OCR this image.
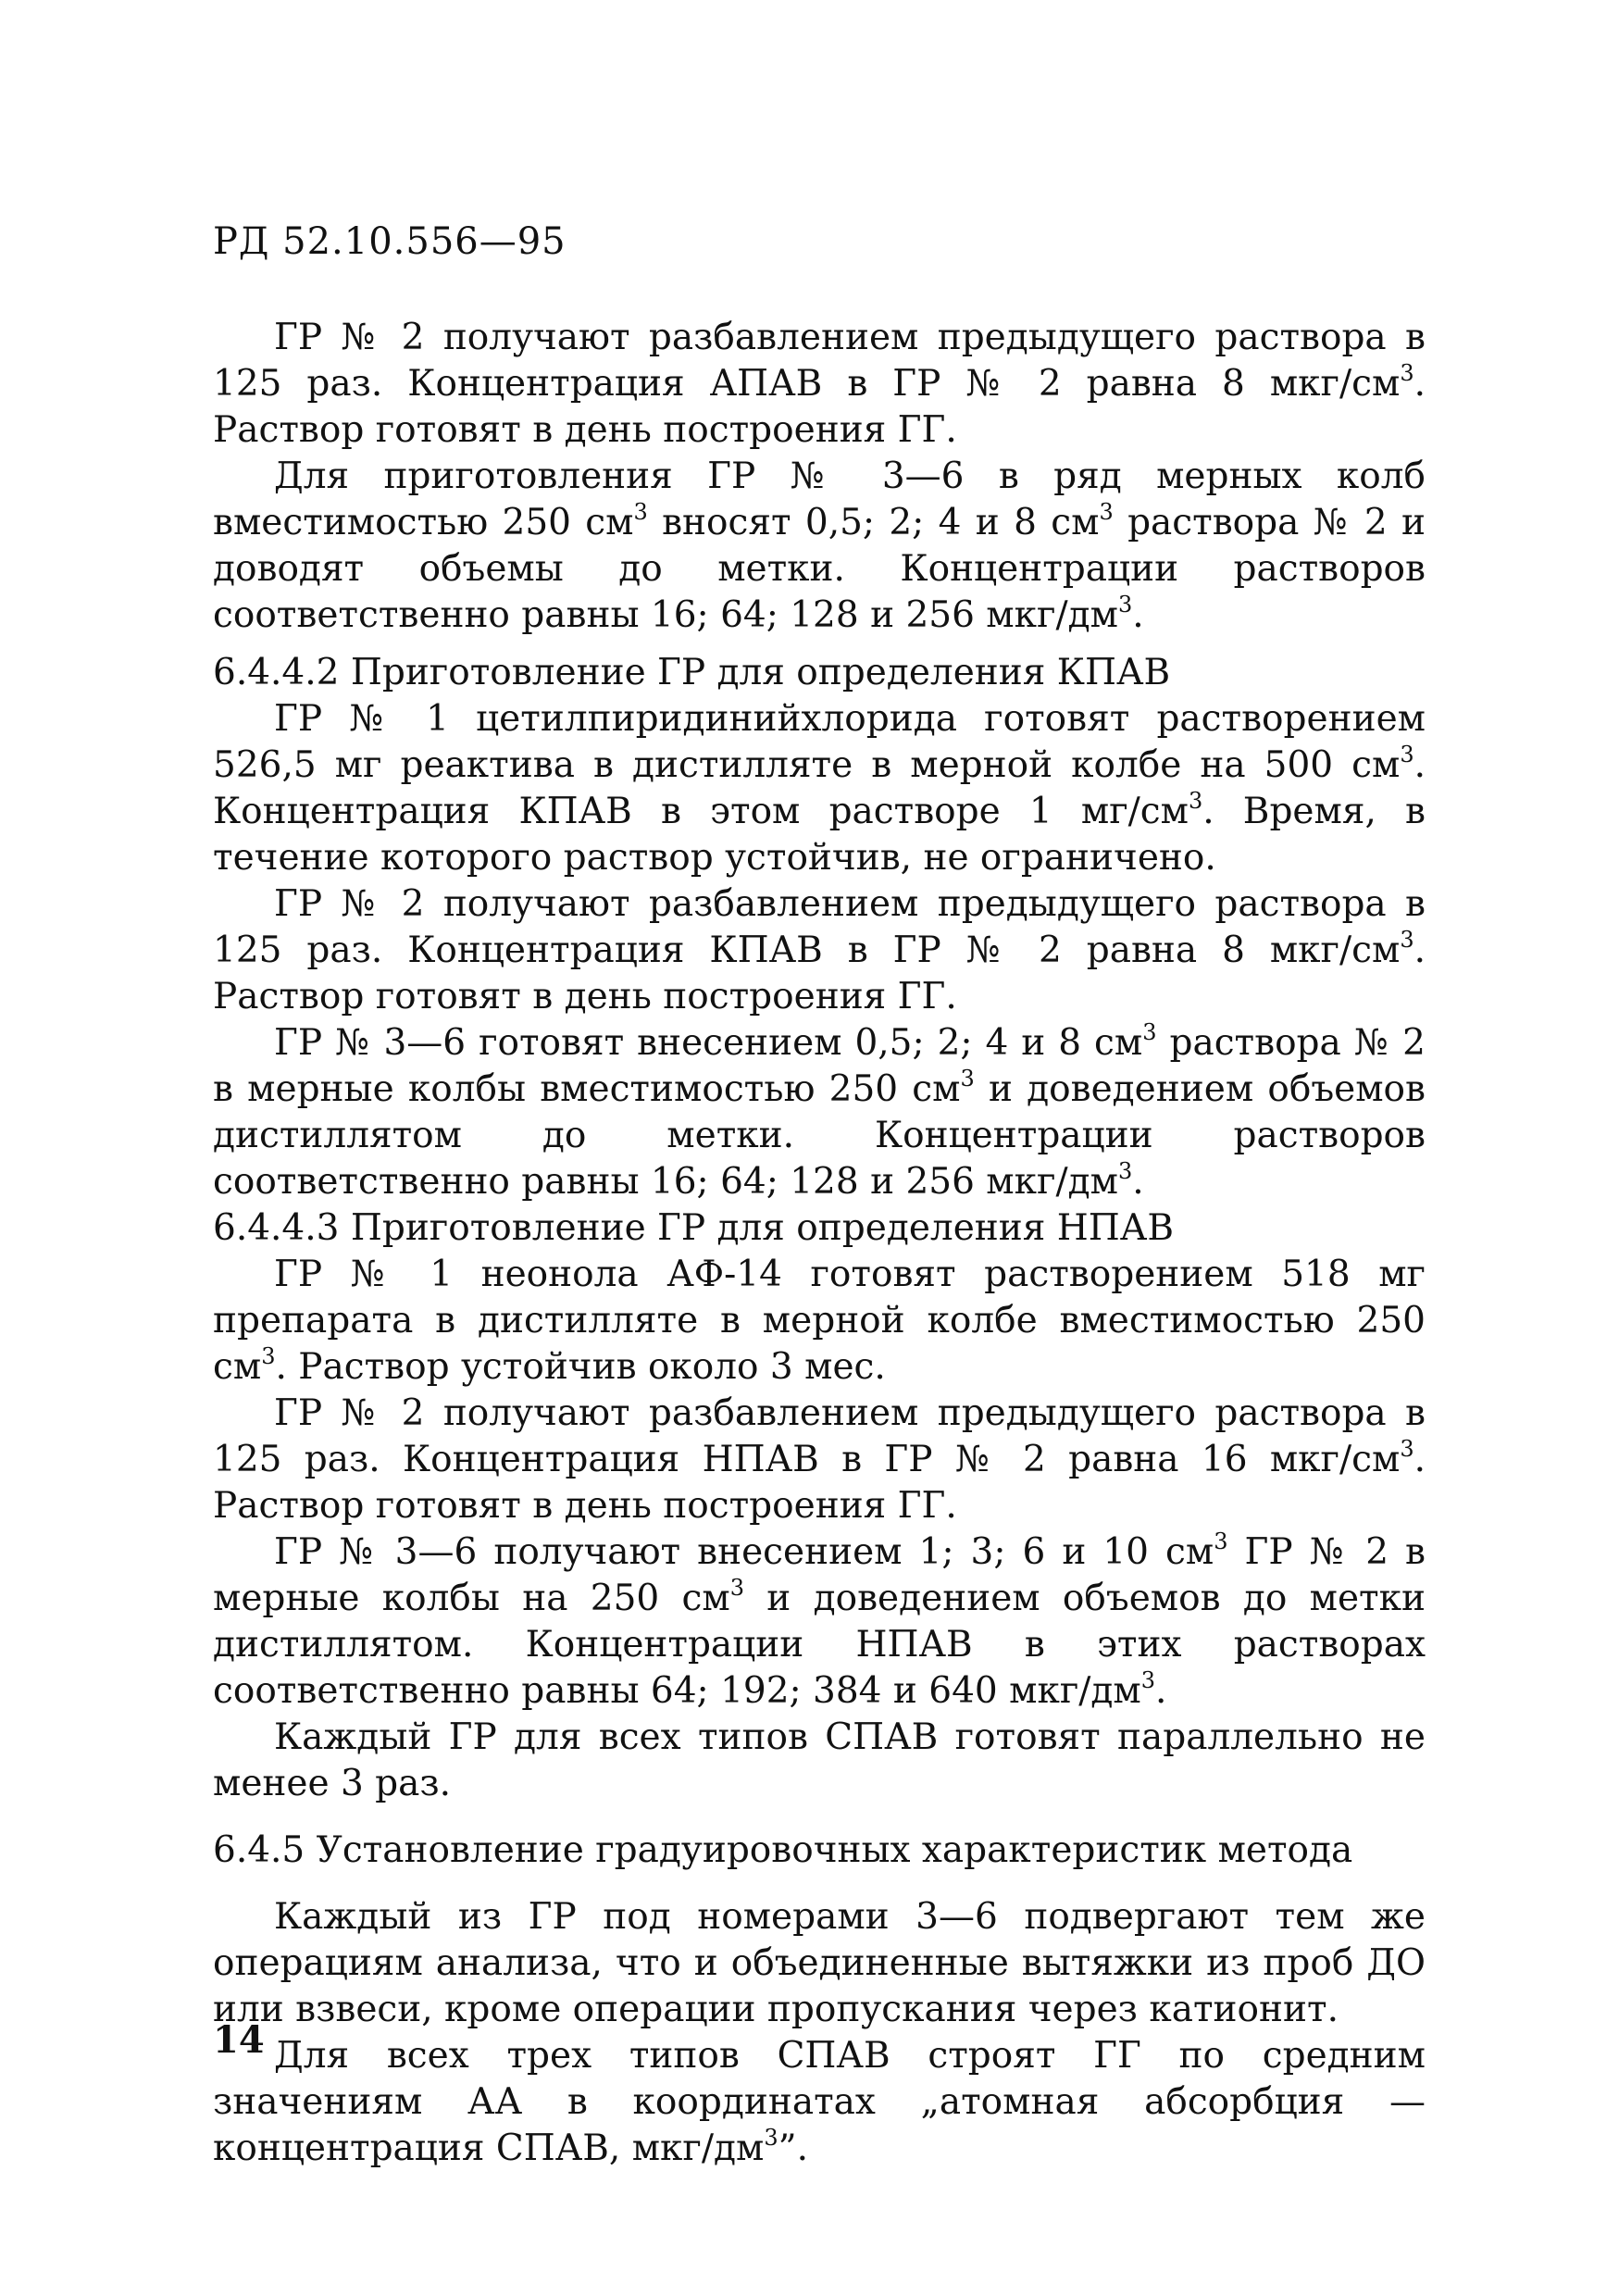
РД 52.10.556—95

ГР № 2 получают разбавлением предыдущего раствора в 125 раз. Концентрация АПАВ в ГР № 2 равна 8 мкг/$см^3$. Раствор готовят в день построения ГГ.

Для приготовления ГР № 3—6 в ряд мерных колб вместимостью 250 $см^3$ вносят 0,5; 2; 4 и 8 $см^3$ раствора № 2 и доводят объемы до метки. Концентрации растворов соответственно равны 16; 64; 128 и 256 мкг/$дм^3$.

6.4.4.2 Приготовление ГР для определения КПАВ

ГР № 1 цетилпиридинийхлорида готовят растворением 526,5 мг реактива в дистилляте в мерной колбе на 500 $см^3$. Концентрация КПАВ в этом растворе 1 $мг/см^3$. Время, в течение которого раствор устойчив, не ограничено.

ГР № 2 получают разбавлением предыдущего раствора в 125 раз. Концентрация КПАВ в ГР № 2 равна 8 мкг/$см^3$. Раствор готовят в день построения ГГ.

ГР № 3—6 готовят внесением 0,5; 2; 4 и 8 $см^3$ раствора № 2 в мерные колбы вместимостью 250 $см^3$ и доведением объемов дистиллятом до метки. Концентрации растворов соответственно равны 16; 64; 128 и 256 мкг/$дм^3$.

6.4.4.3 Приготовление ГР для определения НПАВ

ГР № 1 неонола АФ-14 готовят растворением 518 мг препарата в дистилляте в мерной колбе вместимостью 250 $см^3$. Раствор устойчив около 3 мес.

ГР № 2 получают разбавлением предыдущего раствора в 125 раз. Концентрация НПАВ в ГР № 2 равна 16 мкг/$см^3$. Раствор готовят в день построения ГГ.

ГР № 3—6 получают внесением 1; 3; 6 и 10 $см^3$ ГР № 2 в мерные колбы на 250 $см^3$ и доведением объемов до метки дистиллятом. Концентрации НПАВ в этих растворах соответственно равны 64; 192; 384 и 640 мкг/$дм^3$.

Каждый ГР для всех типов СПАВ готовят параллельно не менее 3 раз.

6.4.5 Установление градуировочных характеристик метода

Каждый из ГР под номерами 3—6 подвергают тем же операциям анализа, что и объединенные вытяжки из проб ДО или взвеси, кроме операции пропускания через катионит.

Для всех трех типов СПАВ строят ГГ по средним значениям АА в координатах „атомная абсорбция — концентрация СПАВ, мкг/$дм^3$”.

14
